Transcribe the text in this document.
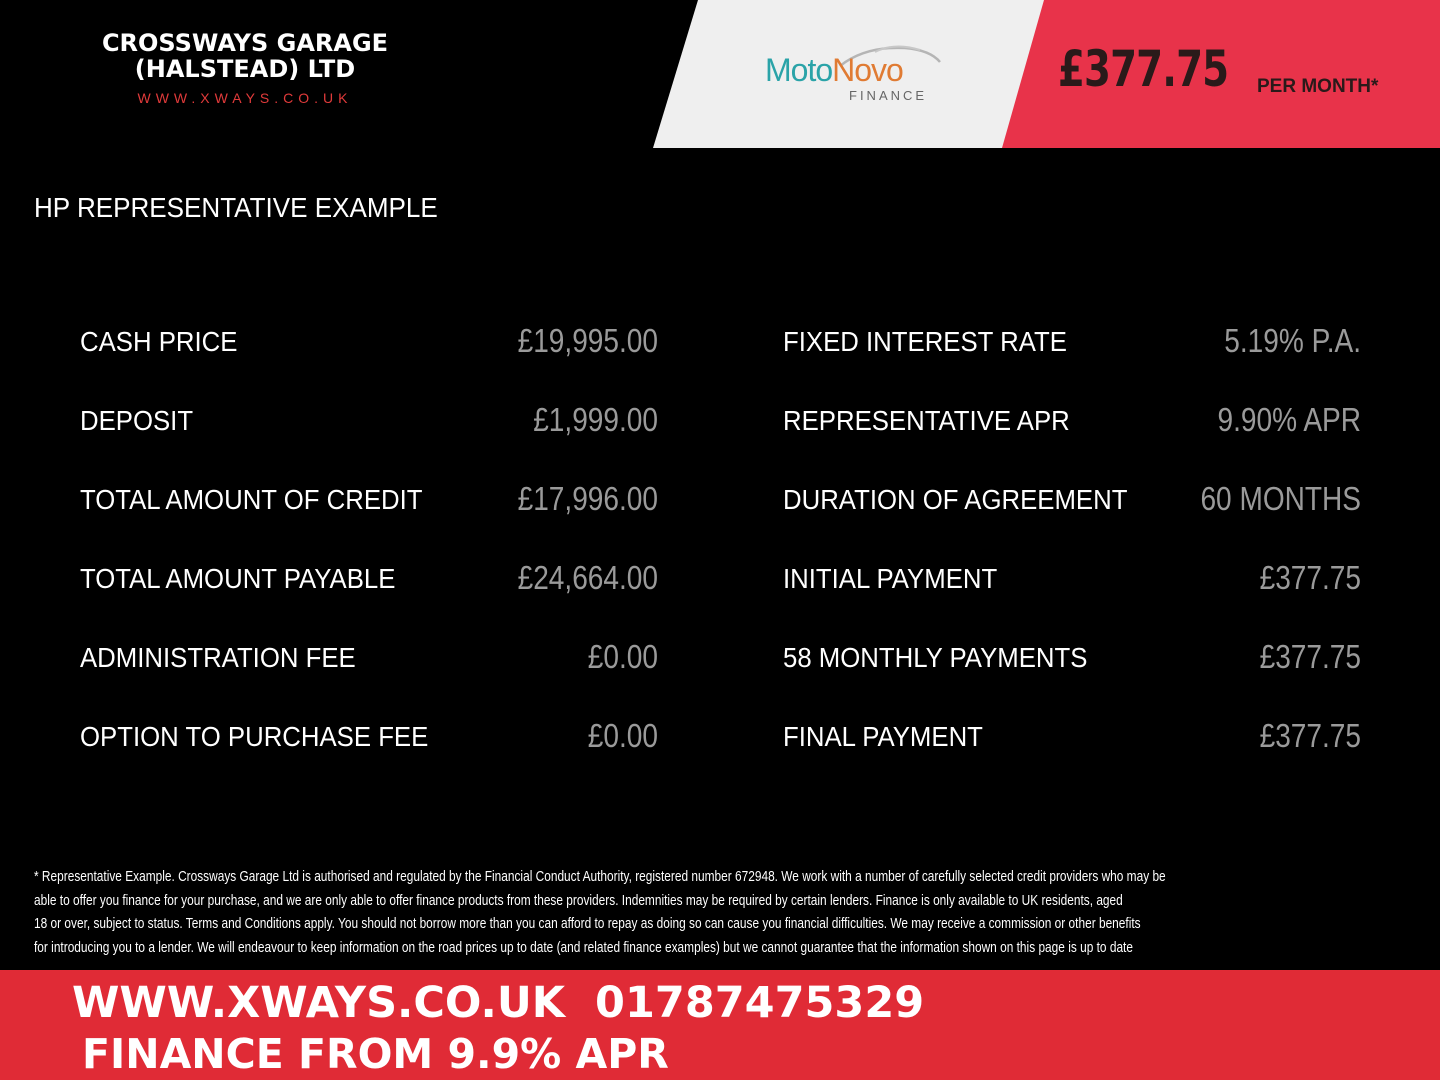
CROSSWAYS GARAGE
(HALSTEAD) LTD
WWW.XWAYS.CO.UK
MotoNovo
FINANCE	£377.75 PER MONTH*
HP REPRESENTATIVE EXAMPLE
CASH PRICE	£19,995.00
DEPOSIT	£1,999.00
TOTAL AMOUNT OF CREDIT	£17,996.00
TOTAL AMOUNT PAYABLE	£24,664.00
ADMINISTRATION FEE	£0.00
OPTION TO PURCHASE FEE	£0.00
FIXED INTEREST RATE	5.19% P.A.
REPRESENTATIVE APR	9.90% APR
DURATION OF AGREEMENT	60 MONTHS
INITIAL PAYMENT	£377.75
58 MONTHLY PAYMENTS	£377.75
FINAL PAYMENT	£377.75
* Representative Example. Crossways Garage Ltd is authorised and regulated by the Financial Conduct Authority, registered number 672948. We work with a number of carefully selected credit providers who may be
able to offer you finance for your purchase, and we are only able to offer finance products from these providers. Indemnities may be required by certain lenders. Finance is only available to UK residents, aged
18 or over, subject to status. Terms and Conditions apply. You should not borrow more than you can afford to repay as doing so can cause you financial difficulties. We may receive a commission or other benefits
for introducing you to a lender. We will endeavour to keep information on the road prices up to date (and related finance examples) but we cannot guarantee that the information shown on this page is up to date
WWW.XWAYS.CO.UK  01787475329
FINANCE FROM 9.9% APR
